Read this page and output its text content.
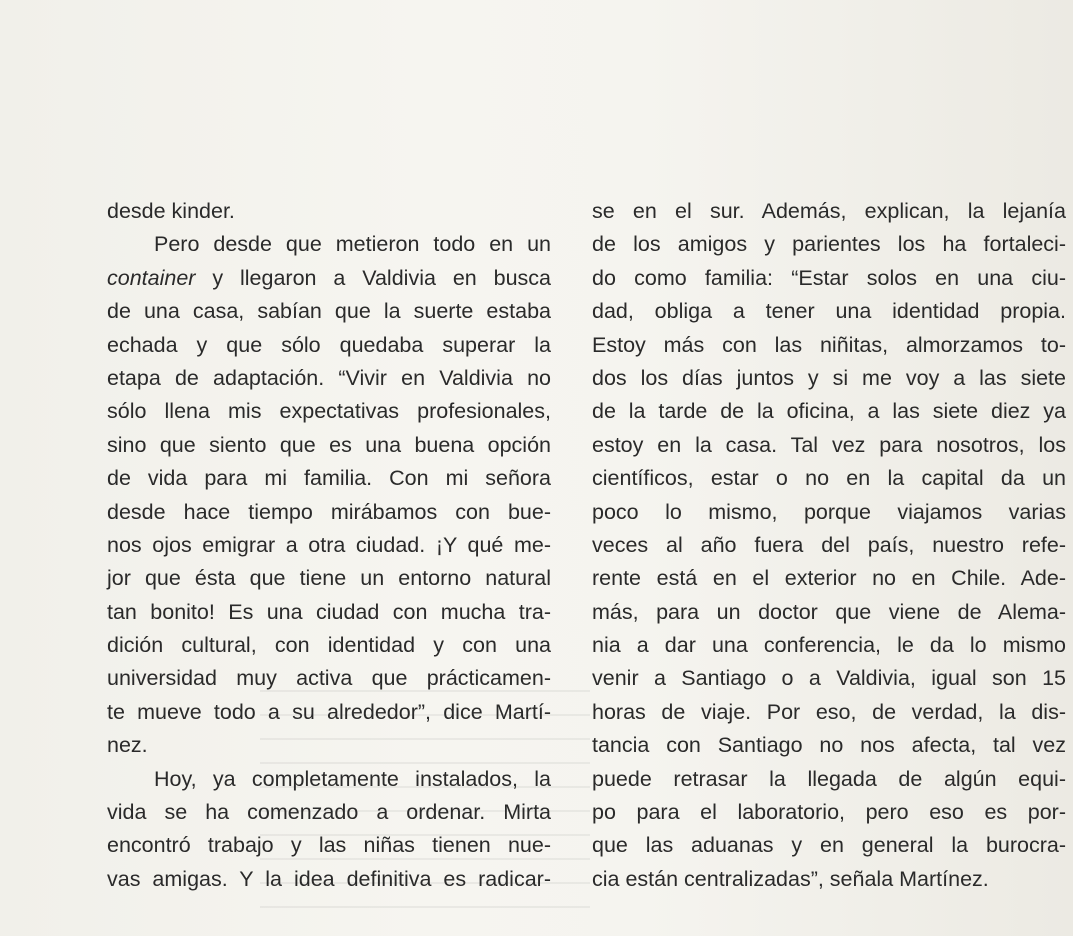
desde kinder.
Pero desde que metieron todo en un
container y llegaron a Valdivia en busca
de una casa, sabían que la suerte estaba
echada y que sólo quedaba superar la
etapa de adaptación. “Vivir en Valdivia no
sólo llena mis expectativas profesionales,
sino que siento que es una buena opción
de vida para mi familia. Con mi señora
desde hace tiempo mirábamos con bue-
nos ojos emigrar a otra ciudad. ¡Y qué me-
jor que ésta que tiene un entorno natural
tan bonito! Es una ciudad con mucha tra-
dición cultural, con identidad y con una
universidad muy activa que prácticamen-
te mueve todo a su alrededor”, dice Martí-
nez.
Hoy, ya completamente instalados, la
vida se ha comenzado a ordenar. Mirta
encontró trabajo y las niñas tienen nue-
vas amigas. Y la idea definitiva es radicar-
se en el sur. Además, explican, la lejanía
de los amigos y parientes los ha fortaleci-
do como familia: “Estar solos en una ciu-
dad, obliga a tener una identidad propia.
Estoy más con las niñitas, almorzamos to-
dos los días juntos y si me voy a las siete
de la tarde de la oficina, a las siete diez ya
estoy en la casa. Tal vez para nosotros, los
científicos, estar o no en la capital da un
poco lo mismo, porque viajamos varias
veces al año fuera del país, nuestro refe-
rente está en el exterior no en Chile. Ade-
más, para un doctor que viene de Alema-
nia a dar una conferencia, le da lo mismo
venir a Santiago o a Valdivia, igual son 15
horas de viaje. Por eso, de verdad, la dis-
tancia con Santiago no nos afecta, tal vez
puede retrasar la llegada de algún equi-
po para el laboratorio, pero eso es por-
que las aduanas y en general la burocra-
cia están centralizadas”, señala Martínez.
